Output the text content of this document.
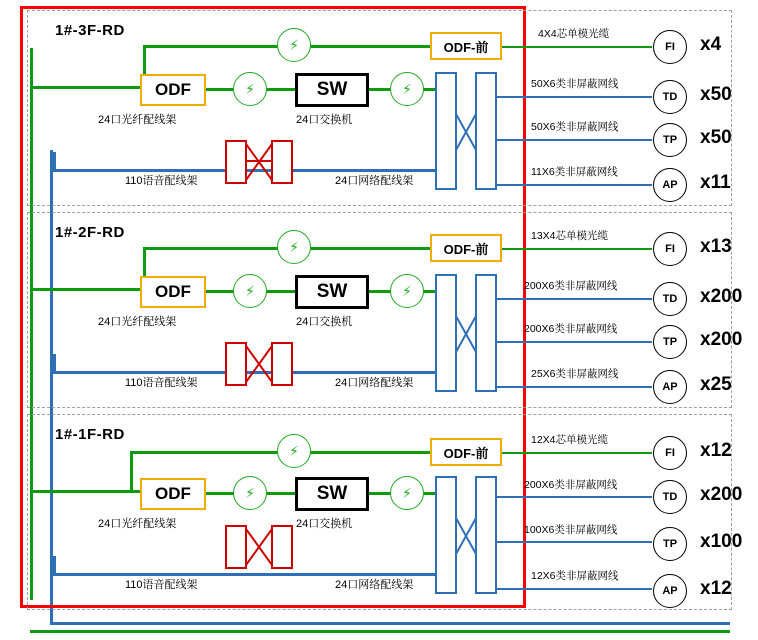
1#-3F-RD
⚡
⚡	⚡
ODF
24口光纤配线架
SW
24口交换机
ODF-前
110语音配线架	24口网络配线架
4X4芯单模光缆
FI	x4
50X6类非屏蔽网线
TD	x50
50X6类非屏蔽网线
TP	x50
11X6类非屏蔽网线
AP	x11
1#-2F-RD
⚡
⚡	⚡
ODF
24口光纤配线架
SW
24口交换机
ODF-前
110语音配线架	24口网络配线架
13X4芯单模光缆
FI	x13
200X6类非屏蔽网线
TD	x200
200X6类非屏蔽网线
TP	x200
25X6类非屏蔽网线
AP	x25
1#-1F-RD
⚡
⚡	⚡
ODF
24口光纤配线架
SW
24口交换机
ODF-前
110语音配线架	24口网络配线架
12X4芯单模光缆
FI	x12
200X6类非屏蔽网线
TD	x200
100X6类非屏蔽网线
TP	x100
12X6类非屏蔽网线
AP	x12
